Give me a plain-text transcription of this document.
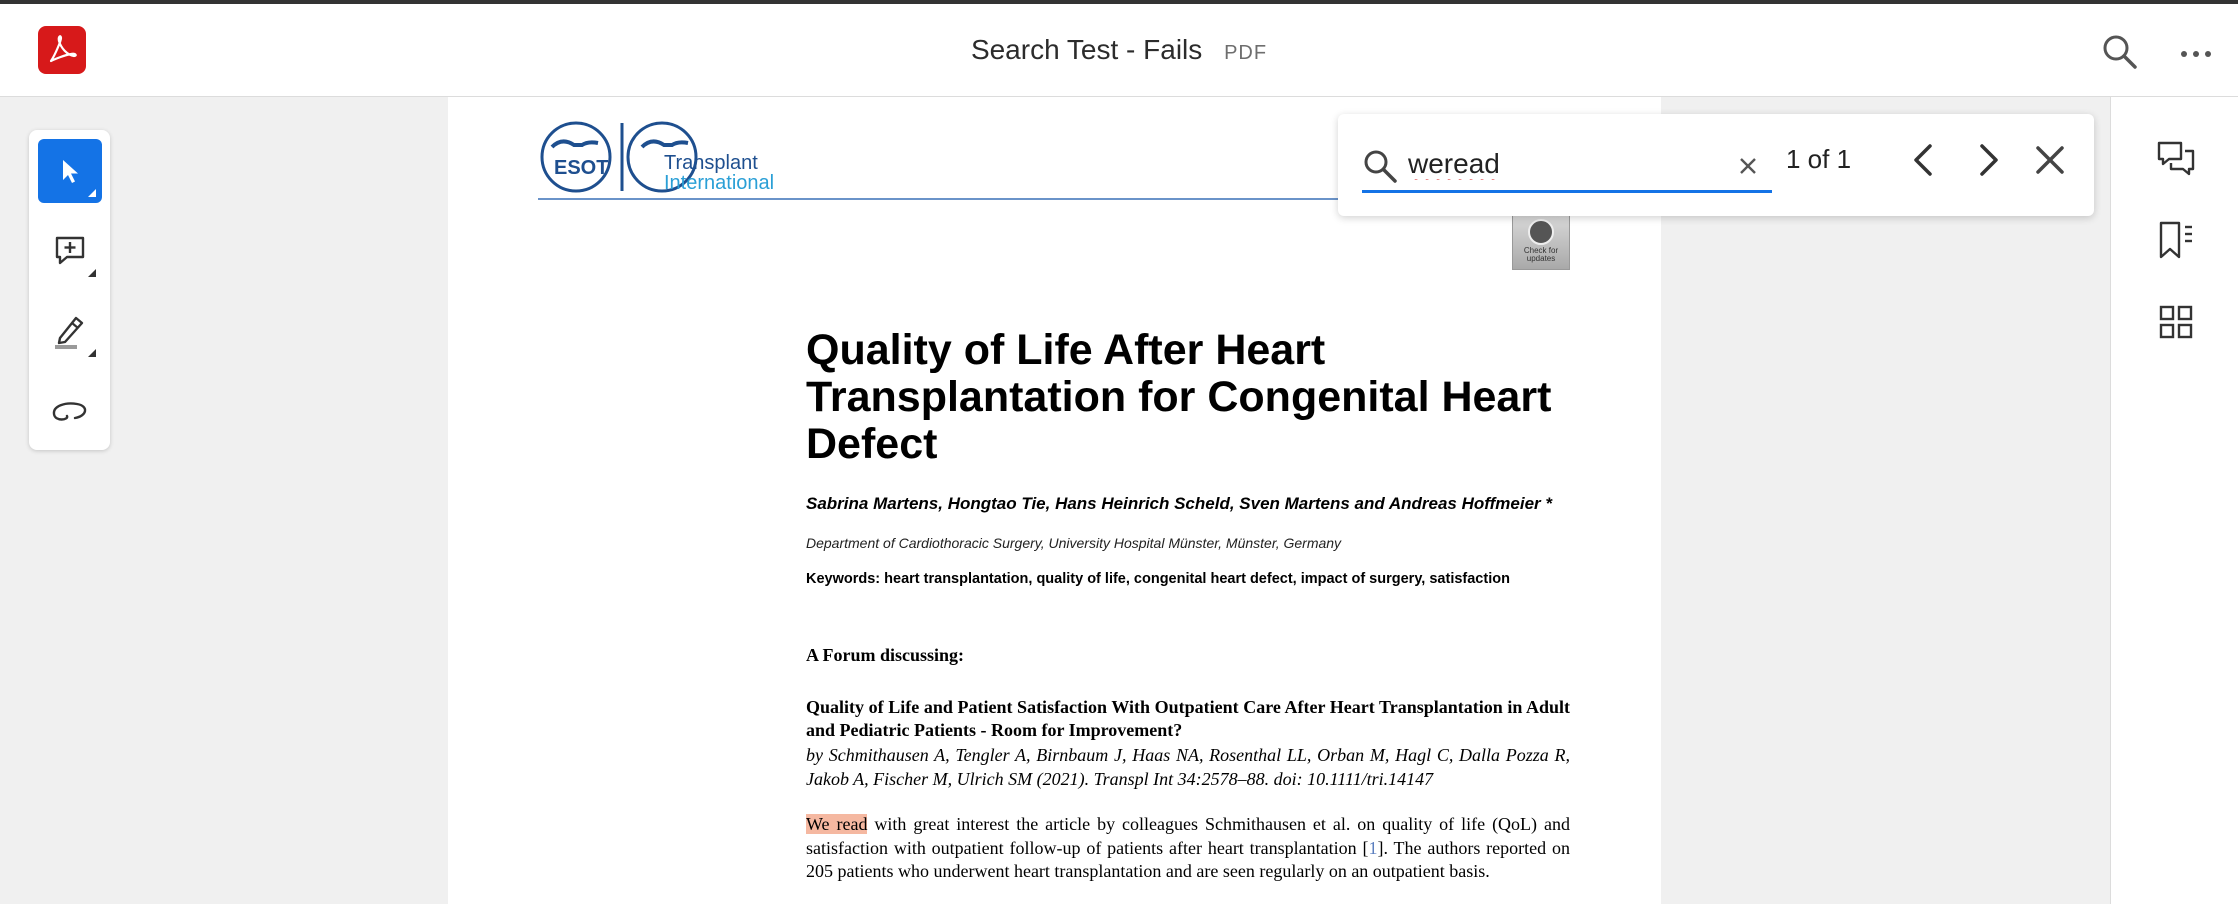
Search Test - Fails PDF
ESOT	Transplant
International
Check for
updates
Quality of Life After Heart Transplantation for Congenital Heart Defect
Sabrina Martens, Hongtao Tie, Hans Heinrich Scheld, Sven Martens and Andreas Hoffmeier *
Department of Cardiothoracic Surgery, University Hospital Münster, Münster, Germany
Keywords: heart transplantation, quality of life, congenital heart defect, impact of surgery, satisfaction
A Forum discussing:
Quality of Life and Patient Satisfaction With Outpatient Care After Heart Transplantation in Adult and Pediatric Patients - Room for Improvement?
by Schmithausen A, Tengler A, Birnbaum J, Haas NA, Rosenthal LL, Orban M, Hagl C, Dalla Pozza R, Jakob A, Fischer M, Ulrich SM (2021). Transpl Int 34:2578–88. doi: 10.1111/tri.14147
We read with great interest the article by colleagues Schmithausen et al. on quality of life (QoL) and satisfaction with outpatient follow-up of patients after heart transplantation [1]. The authors reported on 205 patients who underwent heart transplantation and are seen regularly on an outpatient basis.
weread
1 of 1
